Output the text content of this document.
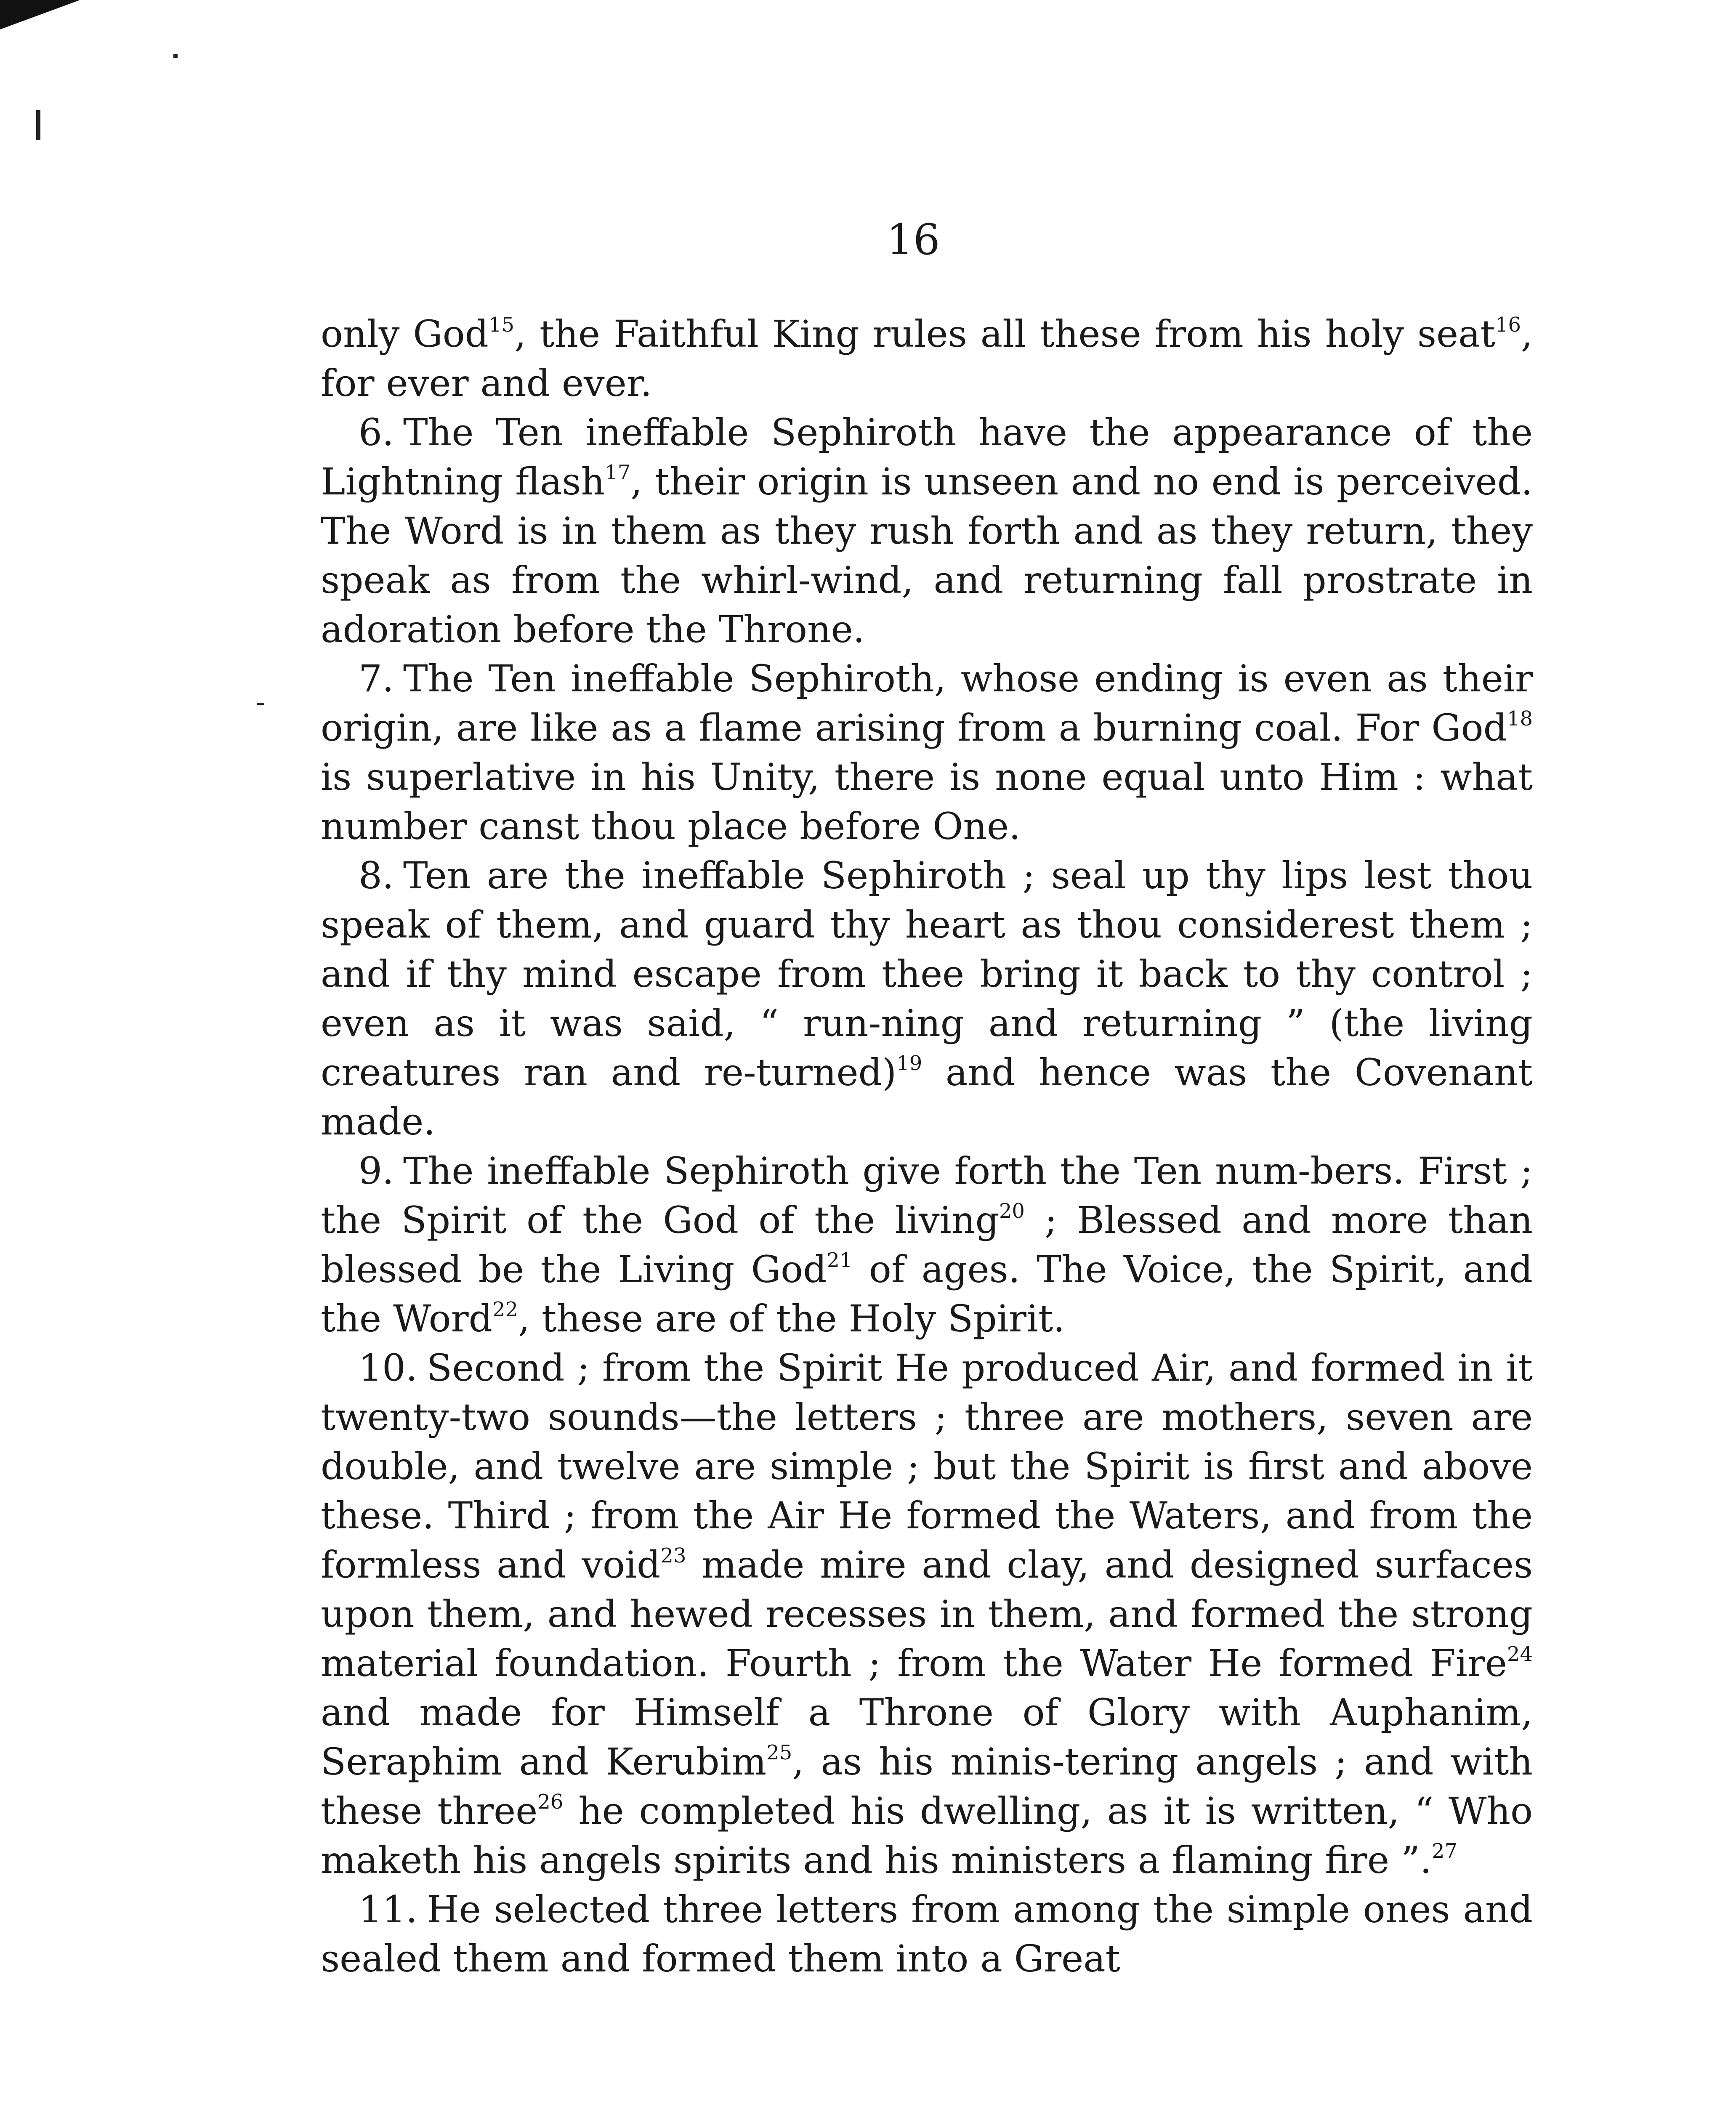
16

only God$^{15}$, the Faithful King rules all these from his holy seat$^{16}$, for ever and ever.

6. The Ten ineffable Sephiroth have the appearance of the Lightning flash$^{17}$, their origin is unseen and no end is perceived. The Word is in them as they rush forth and as they return, they speak as from the whirl-wind, and returning fall prostrate in adoration before the Throne.

7. The Ten ineffable Sephiroth, whose ending is even as their origin, are like as a flame arising from a burning coal. For God$^{18}$ is superlative in his Unity, there is none equal unto Him : what number canst thou place before One.

8. Ten are the ineffable Sephiroth ; seal up thy lips lest thou speak of them, and guard thy heart as thou considerest them ; and if thy mind escape from thee bring it back to thy control ; even as it was said, “ run-ning and returning ” (the living creatures ran and re-turned)$^{19}$ and hence was the Covenant made.

9. The ineffable Sephiroth give forth the Ten num-bers. First ; the Spirit of the God of the living$^{20}$ ; Blessed and more than blessed be the Living God$^{21}$ of ages. The Voice, the Spirit, and the Word$^{22}$, these are of the Holy Spirit.

10. Second ; from the Spirit He produced Air, and formed in it twenty-two sounds—the letters ; three are mothers, seven are double, and twelve are simple ; but the Spirit is first and above these. Third ; from the Air He formed the Waters, and from the formless and void$^{23}$ made mire and clay, and designed surfaces upon them, and hewed recesses in them, and formed the strong material foundation. Fourth ; from the Water He formed Fire$^{24}$ and made for Himself a Throne of Glory with Auphanim, Seraphim and Kerubim$^{25}$, as his minis-tering angels ; and with these three$^{26}$ he completed his dwelling, as it is written, “ Who maketh his angels spirits and his ministers a flaming fire ”.$^{27}$

11. He selected three letters from among the simple ones and sealed them and formed them into a Great
